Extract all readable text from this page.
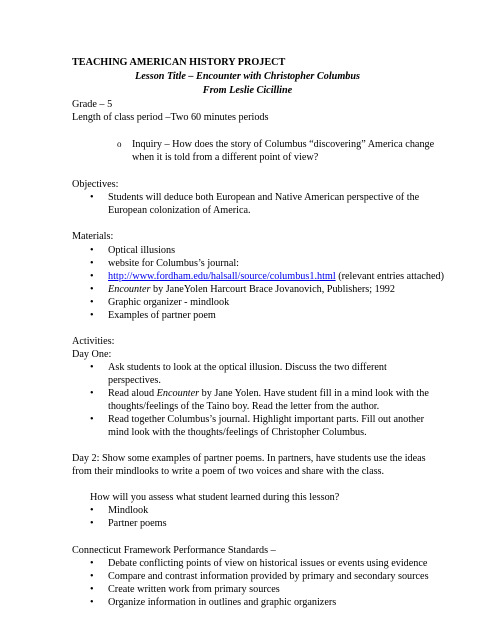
TEACHING AMERICAN HISTORY PROJECT
Lesson Title – Encounter with Christopher Columbus
From Leslie Cicilline
Grade – 5
Length of class period –Two 60 minutes periods
o Inquiry – How does the story of Columbus “discovering” America change
when it is told from a different point of view?
Objectives:
• Students will deduce both European and Native American perspective of the
European colonization of America.
Materials:
• Optical illusions
• website for Columbus’s journal:
• http://www.fordham.edu/halsall/source/columbus1.html (relevant entries attached)
• Encounter by JaneYolen Harcourt Brace Jovanovich, Publishers; 1992
• Graphic organizer - mindlook
• Examples of partner poem
Activities:
Day One:
• Ask students to look at the optical illusion. Discuss the two different
perspectives.
• Read aloud Encounter by Jane Yolen. Have student fill in a mind look with the
thoughts/feelings of the Taino boy. Read the letter from the author.
• Read together Columbus’s journal. Highlight important parts. Fill out another
mind look with the thoughts/feelings of Christopher Columbus.
Day 2: Show some examples of partner poems. In partners, have students use the ideas
from their mindlooks to write a poem of two voices and share with the class.
How will you assess what student learned during this lesson?
• Mindlook
• Partner poems
Connecticut Framework Performance Standards –
• Debate conflicting points of view on historical issues or events using evidence
• Compare and contrast information provided by primary and secondary sources
• Create written work from primary sources
• Organize information in outlines and graphic organizers
